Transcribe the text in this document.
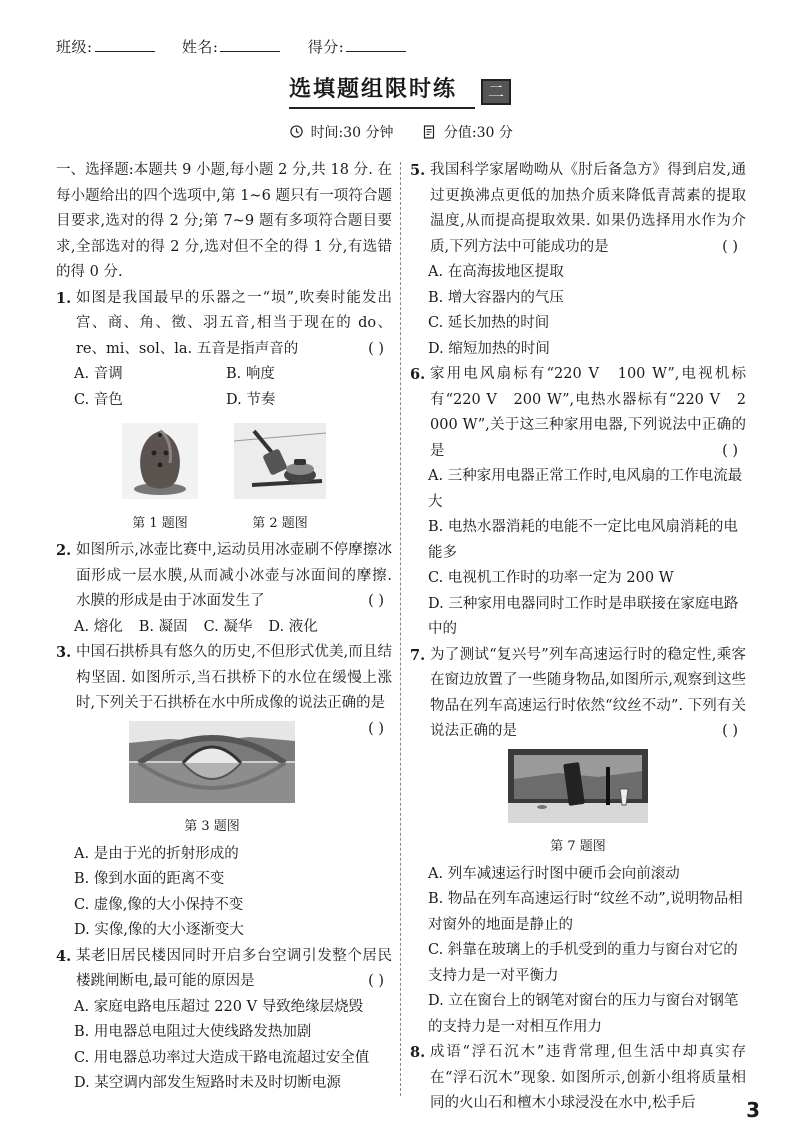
班级:	姓名:	得分:
选填题组限时练 二
时间:30 分钟	分值:30 分
一、选择题:本题共 9 小题,每小题 2 分,共 18 分. 在每小题给出的四个选项中,第 1~6 题只有一项符合题目要求,选对的得 2 分;第 7~9 题有多项符合题目要求,全部选对的得 2 分,选对但不全的得 1 分,有选错的得 0 分.
1. 如图是我国最早的乐器之一“埙”,吹奏时能发出宫、商、角、徵、羽五音,相当于现在的 do、re、mi、sol、la. 五音是指声音的	( )
A. 音调	B. 响度
C. 音色	D. 节奏
第 1 题图	第 2 题图
2. 如图所示,冰壶比赛中,运动员用冰壶刷不停摩擦冰面形成一层水膜,从而减小冰壶与冰面间的摩擦. 水膜的形成是由于冰面发生了	( )
A. 熔化 B. 凝固 C. 凝华 D. 液化
3. 中国石拱桥具有悠久的历史,不但形式优美,而且结构坚固. 如图所示,当石拱桥下的水位在缓慢上涨时,下列关于石拱桥在水中所成像的说法正确的是
( )
第 3 题图
A. 是由于光的折射形成的
B. 像到水面的距离不变
C. 虚像,像的大小保持不变
D. 实像,像的大小逐渐变大
4. 某老旧居民楼因同时开启多台空调引发整个居民楼跳闸断电,最可能的原因是	( )
A. 家庭电路电压超过 220 V 导致绝缘层烧毁
B. 用电器总电阻过大使线路发热加剧
C. 用电器总功率过大造成干路电流超过安全值
D. 某空调内部发生短路时未及时切断电源
5. 我国科学家屠呦呦从《肘后备急方》得到启发,通过更换沸点更低的加热介质来降低青蒿素的提取温度,从而提高提取效果. 如果仍选择用水作为介质,下列方法中可能成功的是	( )
A. 在高海拔地区提取
B. 增大容器内的气压
C. 延长加热的时间
D. 缩短加热的时间
6. 家用电风扇标有“220 V　100 W”,电视机标有“220 V　200 W”,电热水器标有“220 V　2 000 W”,关于这三种家用电器,下列说法中正确的是	( )
A. 三种家用电器正常工作时,电风扇的工作电流最大
B. 电热水器消耗的电能不一定比电风扇消耗的电能多
C. 电视机工作时的功率一定为 200 W
D. 三种家用电器同时工作时是串联接在家庭电路中的
7. 为了测试“复兴号”列车高速运行时的稳定性,乘客在窗边放置了一些随身物品,如图所示,观察到这些物品在列车高速运行时依然“纹丝不动”. 下列有关说法正确的是	( )
第 7 题图
A. 列车减速运行时图中硬币会向前滚动
B. 物品在列车高速运行时“纹丝不动”,说明物品相对窗外的地面是静止的
C. 斜靠在玻璃上的手机受到的重力与窗台对它的支持力是一对平衡力
D. 立在窗台上的钢笔对窗台的压力与窗台对钢笔的支持力是一对相互作用力
8. 成语“浮石沉木”违背常理,但生活中却真实存在“浮石沉木”现象. 如图所示,创新小组将质量相同的火山石和檀木小球浸没在水中,松手后	3
